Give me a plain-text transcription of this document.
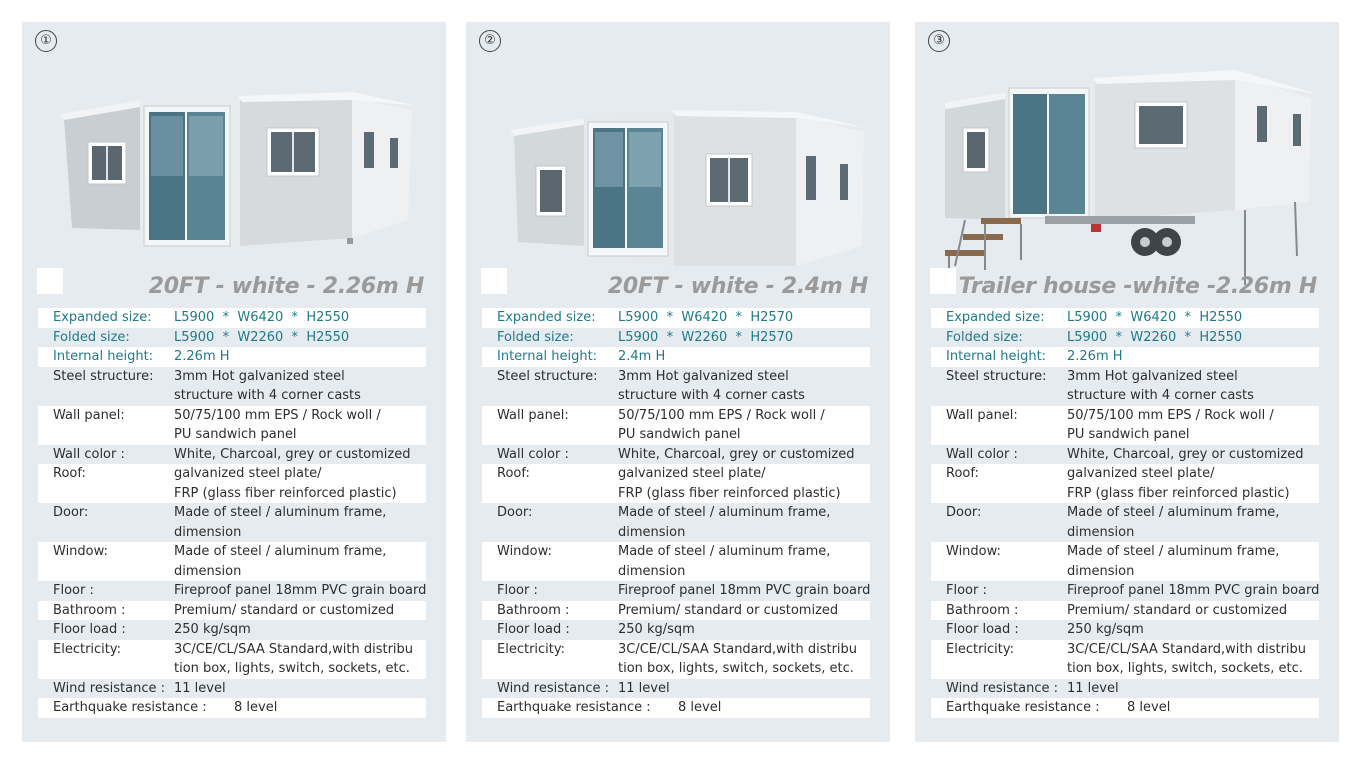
①
20FT - white - 2.26m H
Expanded size: L5900  *  W6420  *  H2550
Folded size:	L5900  *  W2260  *  H2550
Internal height: 2.26m H
Steel structure: 3mm Hot galvanized steel
structure with 4 corner casts
Wall panel:	50/75/100 mm EPS / Rock woll /
PU sandwich panel
Wall color :	White, Charcoal, grey or customized
Roof:	galvanized steel plate/
FRP (glass fiber reinforced plastic)
Door:	Made of steel / aluminum frame,
dimension
Window:	Made of steel / aluminum frame,
dimension
Floor :	Fireproof panel 18mm PVC grain board
Bathroom :	Premium/ standard or customized
Floor load :	250 kg/sqm
Electricity:	3C/CE/CL/SAA Standard,with distribu
tion box, lights, switch, sockets, etc.
Wind resistance : 11 level
Earthquake resistance : 8 level
②
20FT - white - 2.4m H
Expanded size: L5900  *  W6420  *  H2570
Folded size:	L5900  *  W2260  *  H2570
Internal height: 2.4m H
Steel structure: 3mm Hot galvanized steel
structure with 4 corner casts
Wall panel:	50/75/100 mm EPS / Rock woll /
PU sandwich panel
Wall color :	White, Charcoal, grey or customized
Roof:	galvanized steel plate/
FRP (glass fiber reinforced plastic)
Door:	Made of steel / aluminum frame,
dimension
Window:	Made of steel / aluminum frame,
dimension
Floor :	Fireproof panel 18mm PVC grain board
Bathroom :	Premium/ standard or customized
Floor load :	250 kg/sqm
Electricity:	3C/CE/CL/SAA Standard,with distribu
tion box, lights, switch, sockets, etc.
Wind resistance : 11 level
Earthquake resistance : 8 level
③
Trailer house -white -2.26m H
Expanded size: L5900  *  W6420  *  H2550
Folded size:	L5900  *  W2260  *  H2550
Internal height: 2.26m H
Steel structure: 3mm Hot galvanized steel
structure with 4 corner casts
Wall panel:	50/75/100 mm EPS / Rock woll /
PU sandwich panel
Wall color :	White, Charcoal, grey or customized
Roof:	galvanized steel plate/
FRP (glass fiber reinforced plastic)
Door:	Made of steel / aluminum frame,
dimension
Window:	Made of steel / aluminum frame,
dimension
Floor :	Fireproof panel 18mm PVC grain board
Bathroom :	Premium/ standard or customized
Floor load :	250 kg/sqm
Electricity:	3C/CE/CL/SAA Standard,with distribu
tion box, lights, switch, sockets, etc.
Wind resistance : 11 level
Earthquake resistance : 8 level
